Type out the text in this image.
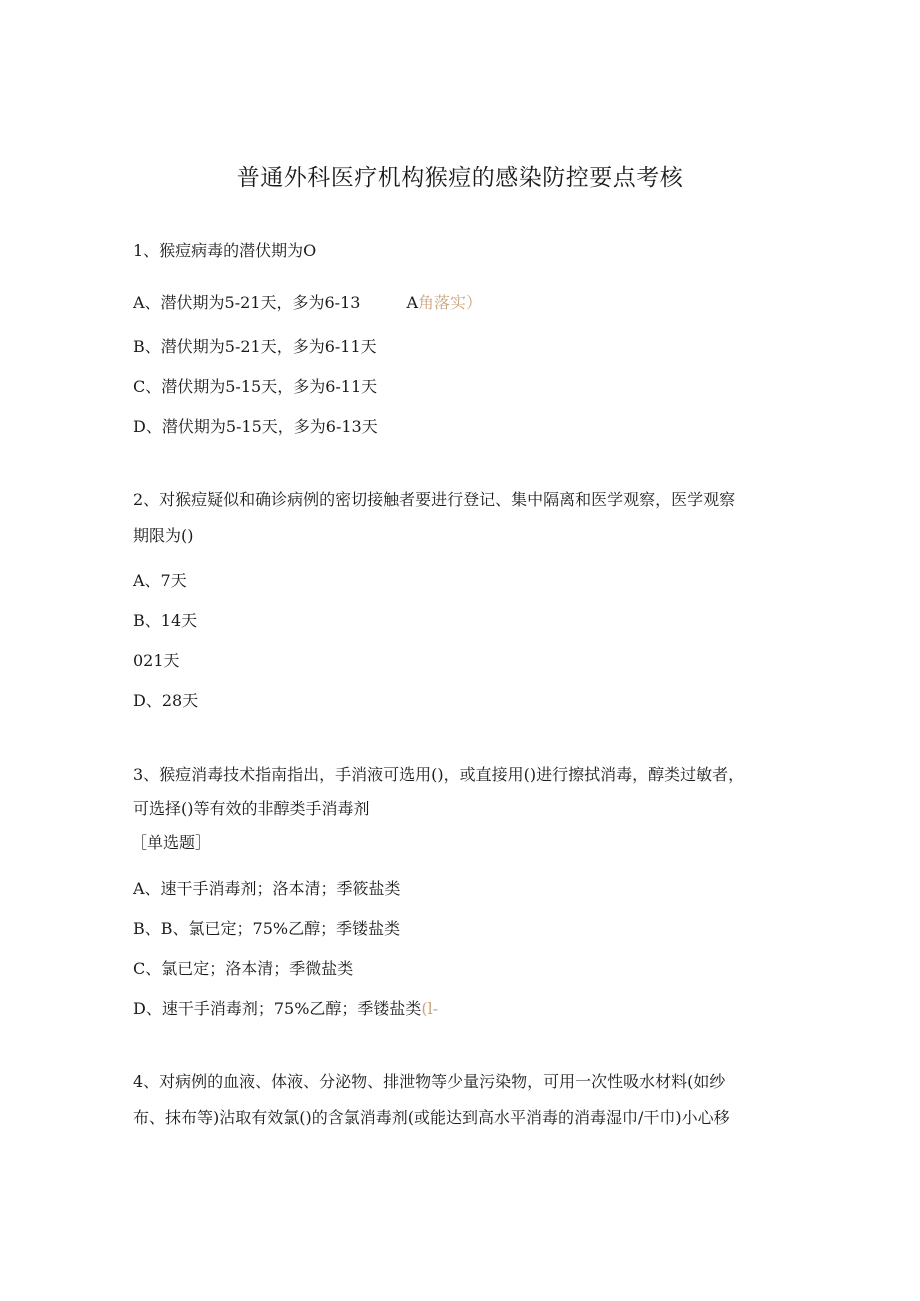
普通外科医疗机构猴痘的感染防控要点考核
1、猴痘病毒的潜伏期为O
A、潜伏期为5-21天，多为6-13	A角落实）
B、潜伏期为5-21天，多为6-11天
C、潜伏期为5-15天，多为6-11天
D、潜伏期为5-15天，多为6-13天
2、对猴痘疑似和确诊病例的密切接触者要进行登记、集中隔离和医学观察，医学观察
期限为()
A、7天
B、14天
021天
D、28天
3、猴痘消毒技术指南指出，手消液可选用()，或直接用()进行擦拭消毒，醇类过敏者，
可选择()等有效的非醇类手消毒剂
［单选题］
A、速干手消毒剂；洛本清；季筱盐类
B、B、氯已定；75%乙醇；季镂盐类
C、氯已定；洛本清；季微盐类
D、速干手消毒剂；75%乙醇；季镂盐类(l-
4、对病例的血液、体液、分泌物、排泄物等少量污染物，可用一次性吸水材料(如纱
布、抹布等)沾取有效氯()的含氯消毒剂(或能达到高水平消毒的消毒湿巾/干巾)小心移
